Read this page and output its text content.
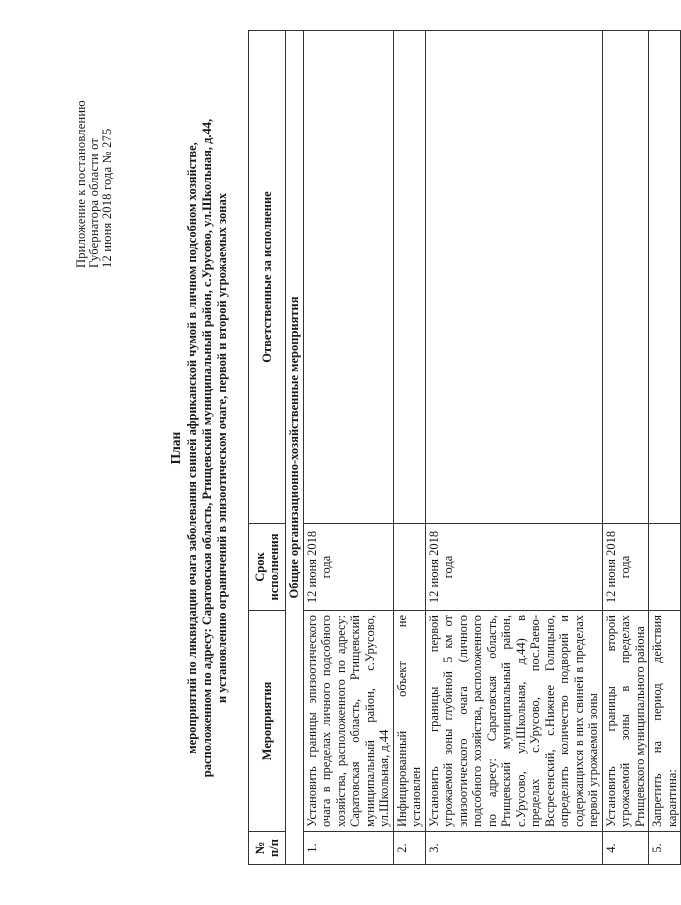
Приложение к постановлению Губернатора области от 12 июня 2018 года № 275
План мероприятий по ликвидации очага заболевания свиней африканской чумой в личном подсобном хозяйстве, расположенном по адресу: Саратовская область, Ртищевский муниципальный район, с.Урусово, ул.Школьная, д.44, и установлению ограничений в эпизоотическом очаге, первой и второй угрожаемых зонах
№ п/п	Мероприятия	Срок исполнения	Ответственные за исполнение
Общие организационно-хозяйственные мероприятия			
1.	Установить границы эпизоотического очага в пределах личного подсобного хозяйства, расположенного по адресу: Саратовская область, Ртищевский муниципальный район, с.Урусово, ул.Школьная, д.44	12 июня 2018 года	
2.	Инфицированный объект не установлен		
3.	Установить границы первой угрожаемой зоны глубиной 5 км от эпизоотического очага (личного подсобного хозяйства, расположенного по адресу: Саратовская область, Ртищевский муниципальный район, с.Урусово, ул.Школьная, д.44) в пределах с.Урусово, пос.Раево-Вссресенский, с.Нижнее Голицыно, определить количество подворий и содержащихся в них свиней в пределах первой угрожаемой зоны	12 июня 2018 года	
4.	Установить границы второй угрожаемой зоны в пределах Ртищевского муниципального района	12 июня 2018 года	
5.	Запретить на период действия карантина:		
